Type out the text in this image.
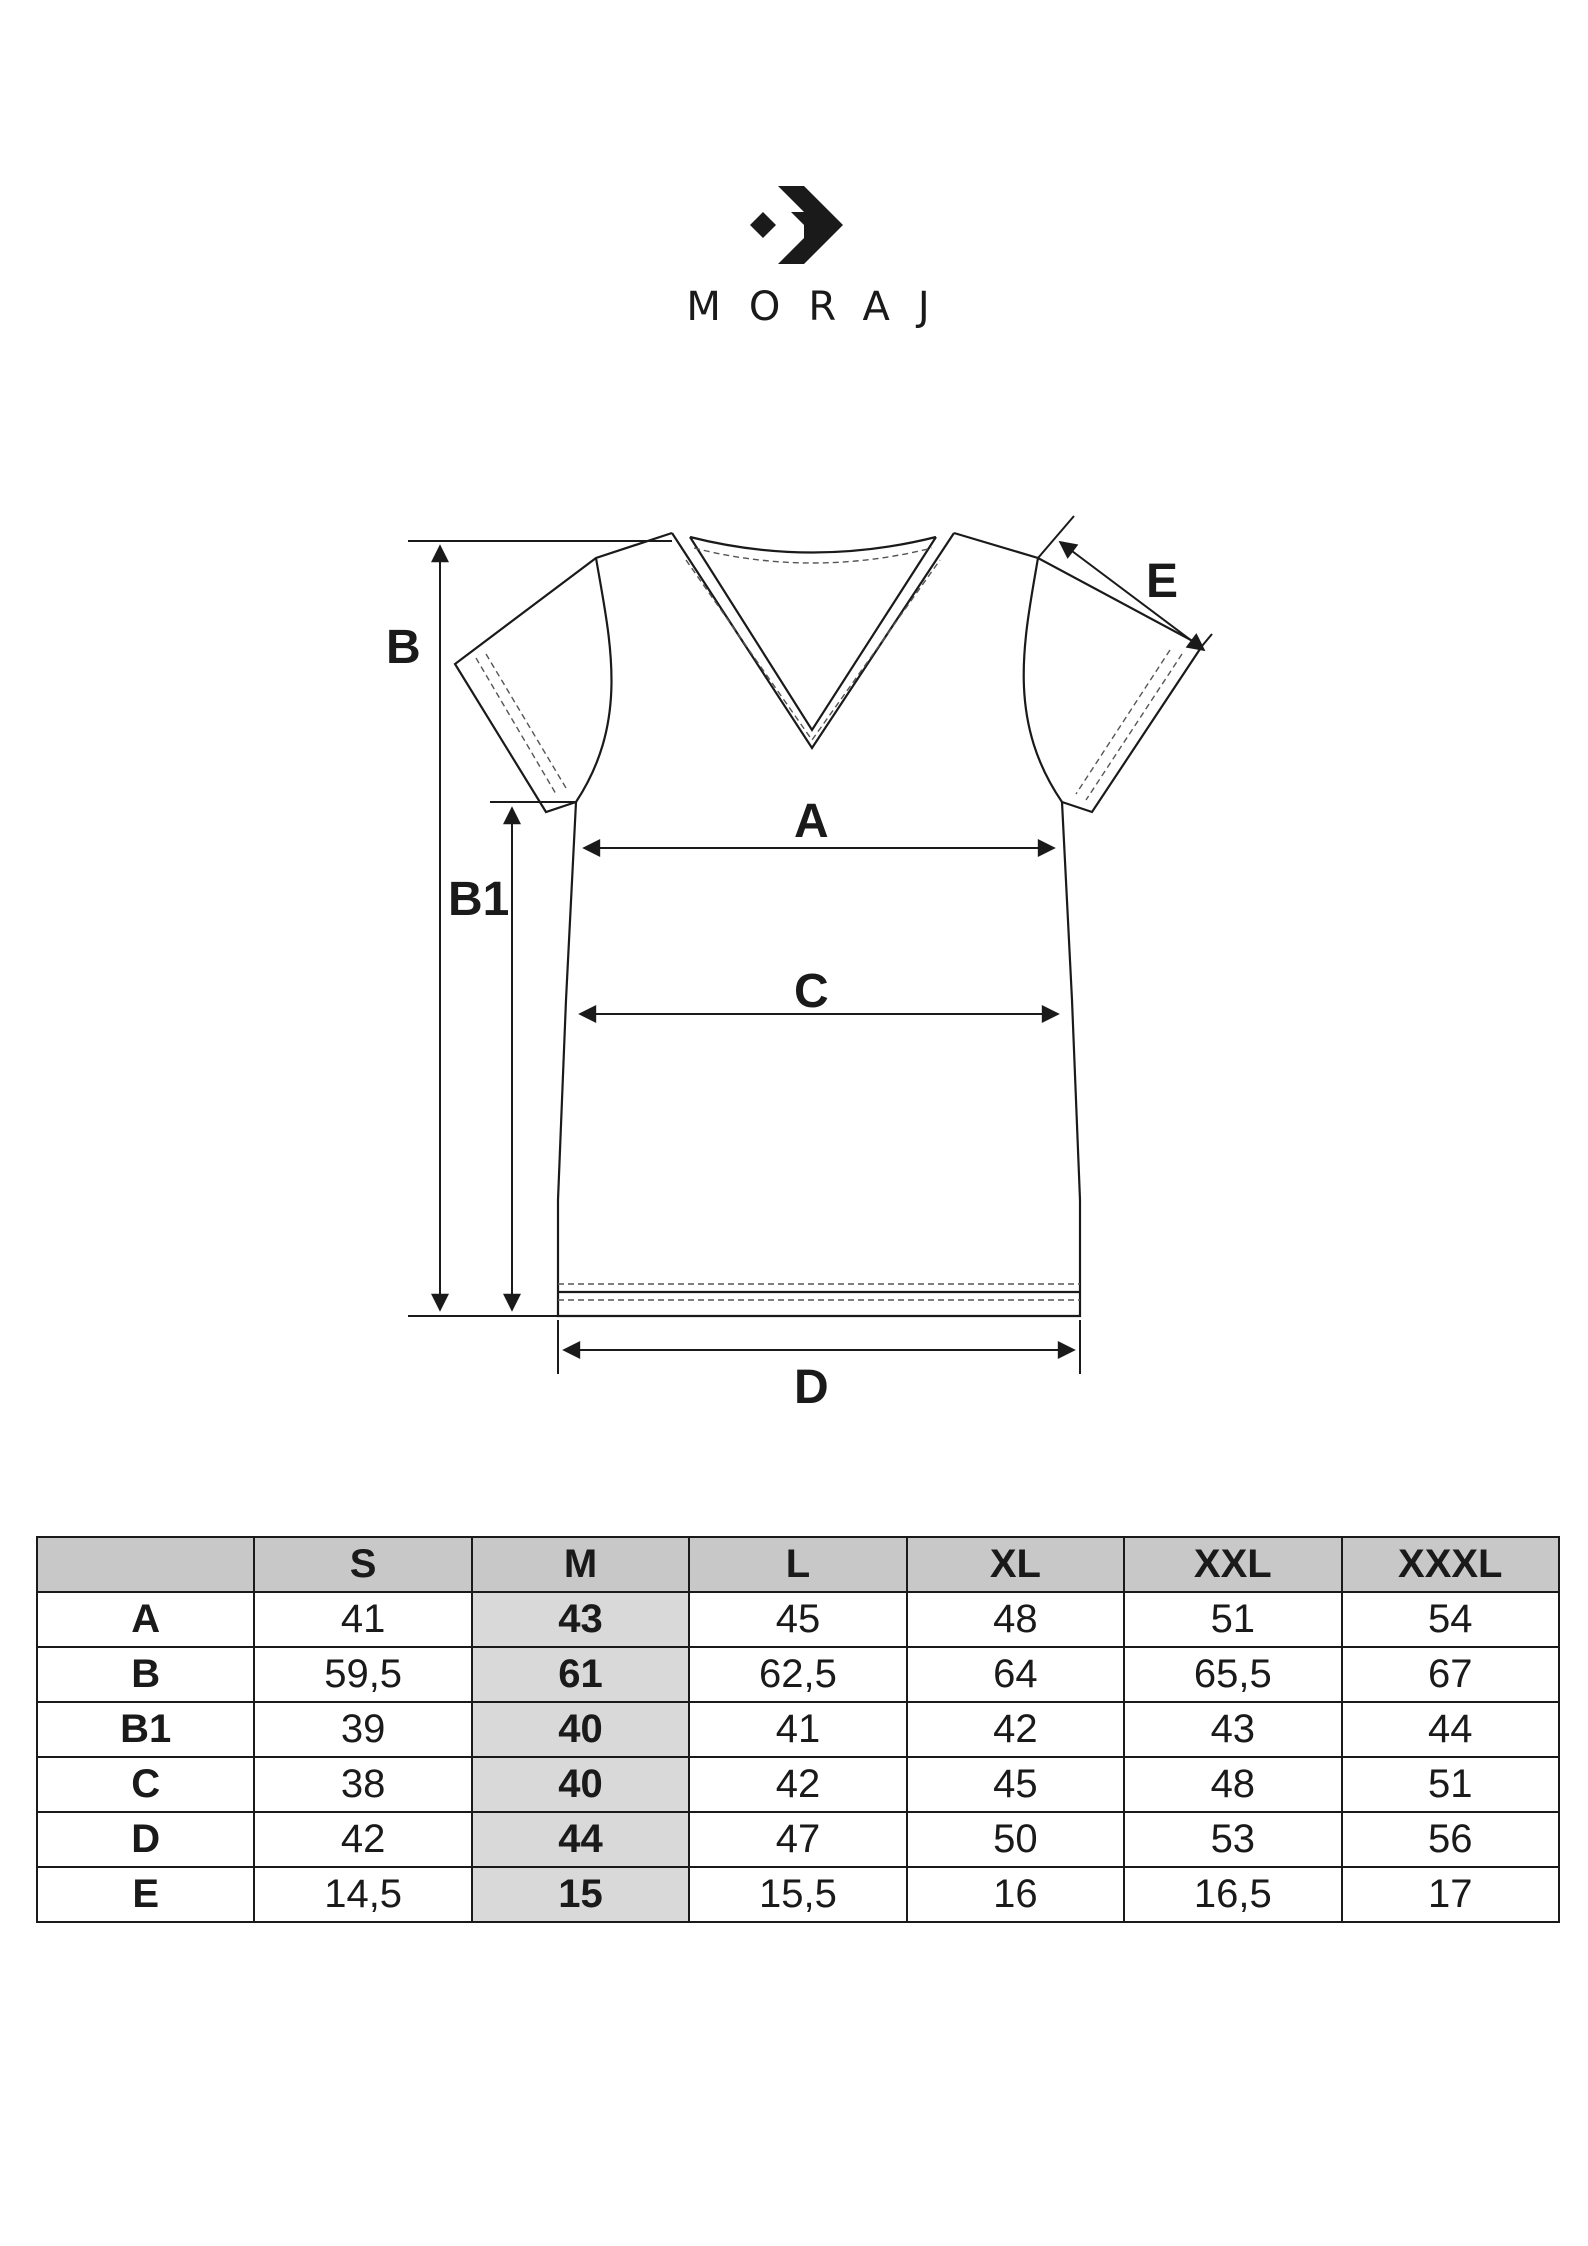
MORAJ
B
B1
A
C
D
E
	S	M	L	XL	XXL	XXXL
A	41	43	45	48	51	54
B	59,5	61	62,5	64	65,5	67
B1	39	40	41	42	43	44
C	38	40	42	45	48	51
D	42	44	47	50	53	56
E	14,5	15	15,5	16	16,5	17
